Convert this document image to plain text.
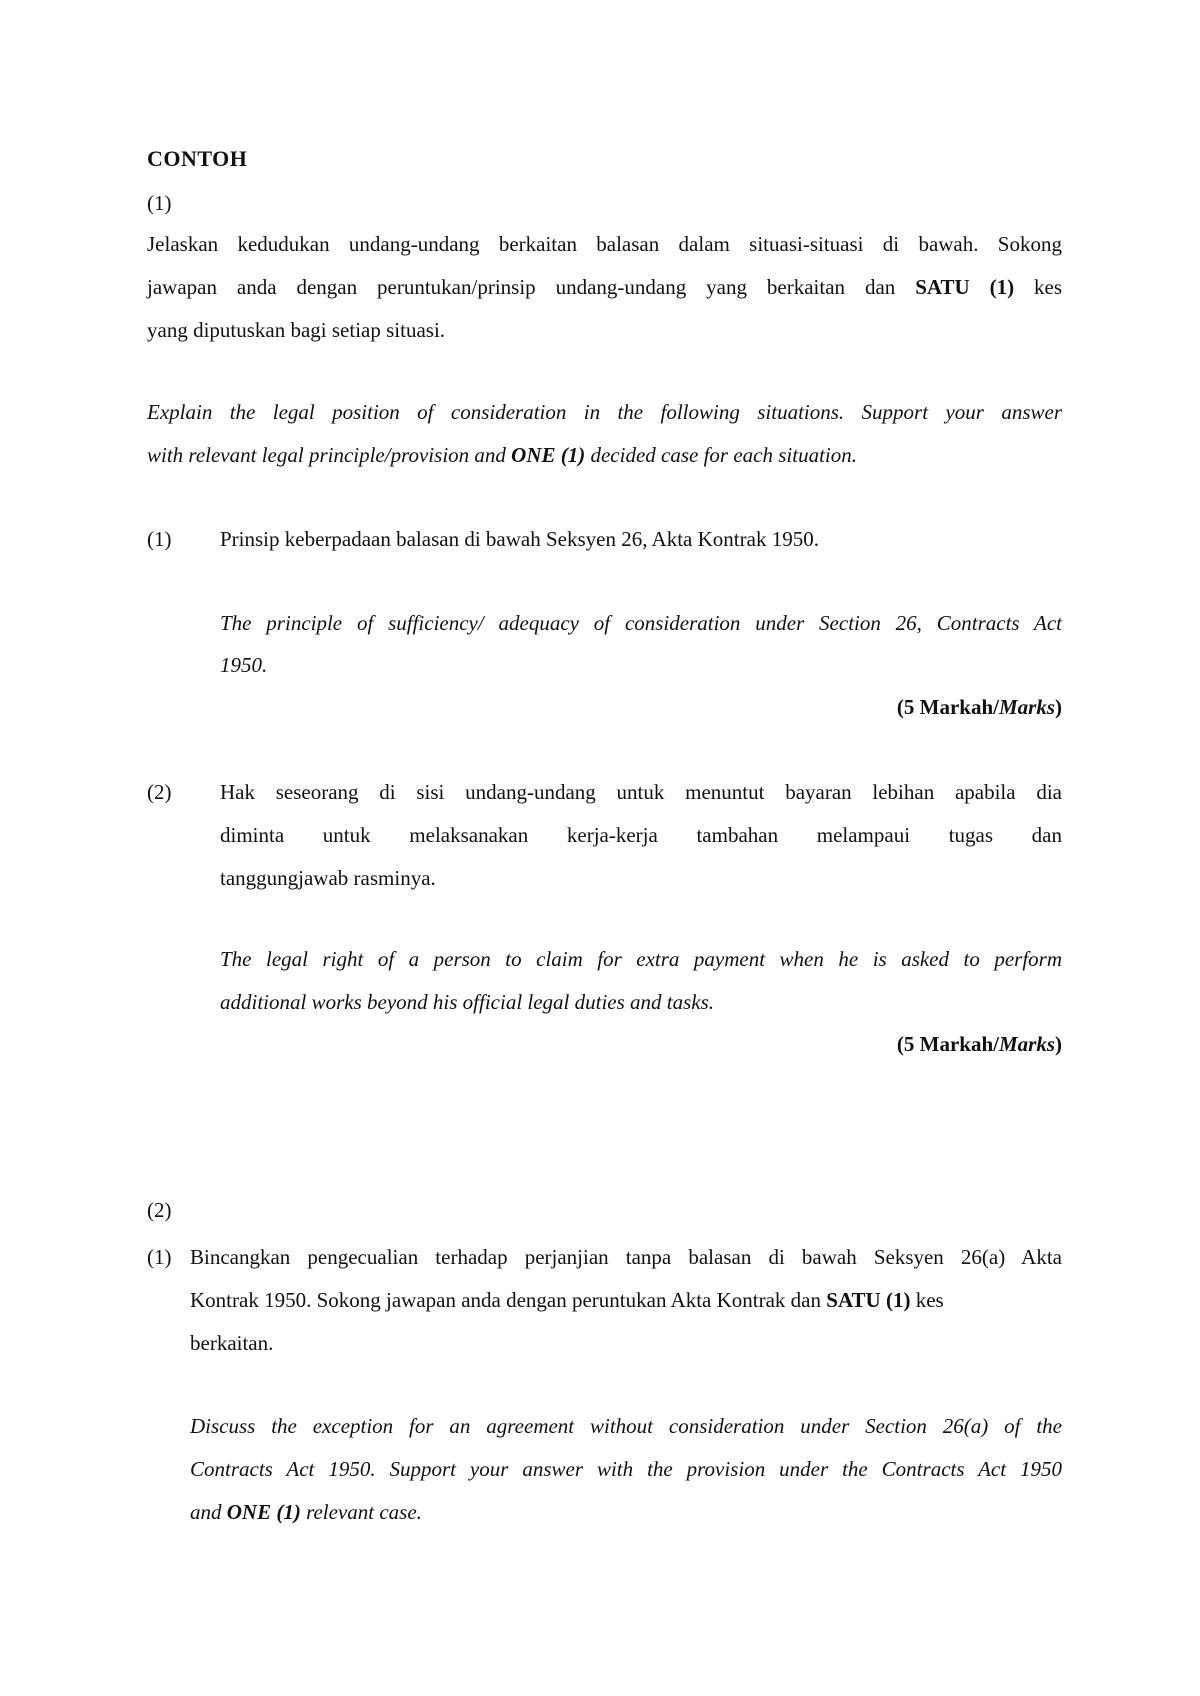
CONTOH

(1)

Jelaskan kedudukan undang-undang berkaitan balasan dalam situasi-situasi di bawah. Sokong

jawapan anda dengan peruntukan/prinsip undang-undang yang berkaitan dan SATU (1) kes

yang diputuskan bagi setiap situasi.

Explain the legal position of consideration in the following situations. Support your answer

with relevant legal principle/provision and ONE (1) decided case for each situation.

(1) Prinsip keberpadaan balasan di bawah Seksyen 26, Akta Kontrak 1950.

The principle of sufficiency/ adequacy of consideration under Section 26, Contracts Act

1950.

(5 Markah/Marks)

(2) Hak seseorang di sisi undang-undang untuk menuntut bayaran lebihan apabila dia

diminta untuk melaksanakan kerja-kerja tambahan melampaui tugas dan

tanggungjawab rasminya.

The legal right of a person to claim for extra payment when he is asked to perform

additional works beyond his official legal duties and tasks.

(5 Markah/Marks)

(2)

(1) Bincangkan pengecualian terhadap perjanjian tanpa balasan di bawah Seksyen 26(a) Akta

Kontrak 1950. Sokong jawapan anda dengan peruntukan Akta Kontrak dan SATU (1) kes

berkaitan.

Discuss the exception for an agreement without consideration under Section 26(a) of the

Contracts Act 1950. Support your answer with the provision under the Contracts Act 1950

and ONE (1) relevant case.
